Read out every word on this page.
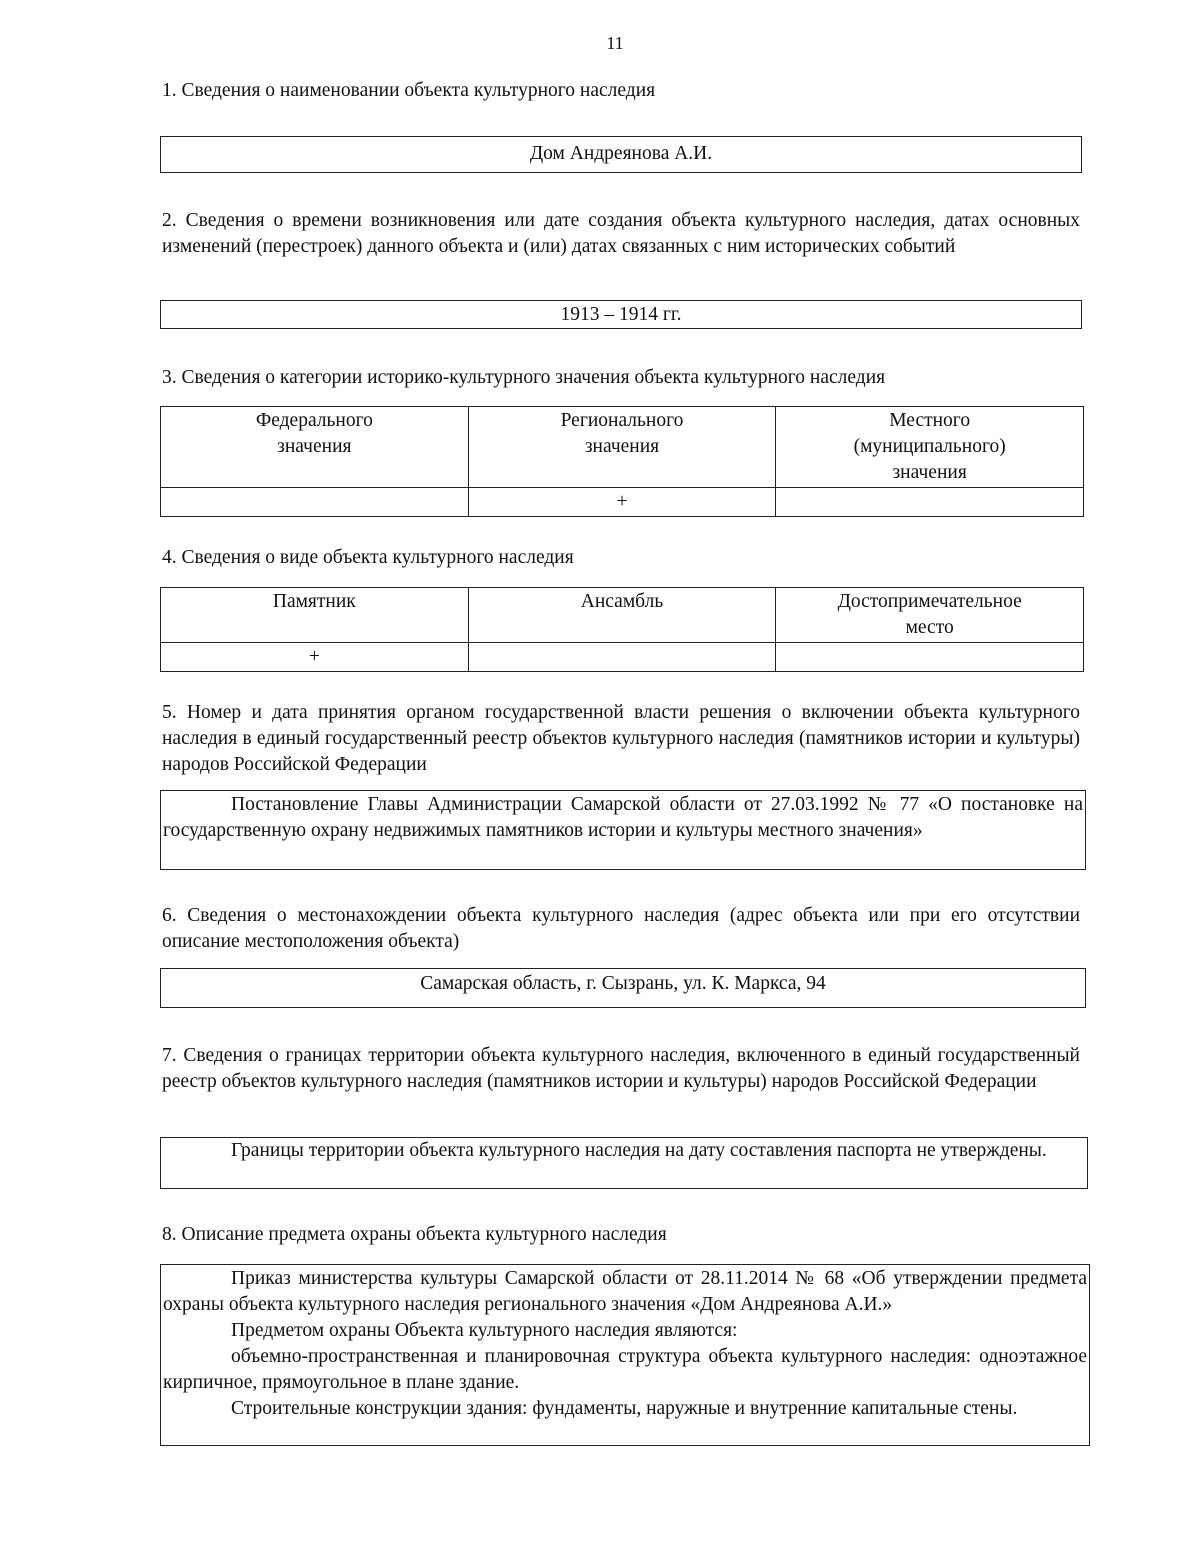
11
1. Сведения о наименовании объекта культурного наследия
Дом Андреянова А.И.
2. Сведения о времени возникновения или дате создания объекта культурного наследия, датах основных изменений (перестроек) данного объекта и (или) датах связанных с ним исторических событий
1913 – 1914 гг.
3. Сведения о категории историко-культурного значения объекта культурного наследия
Федерального значения	Регионального значения	Местного (муниципального) значения
	+	
4. Сведения о виде объекта культурного наследия
Памятник	Ансамбль	Достопримечательное место
+		
5. Номер и дата принятия органом государственной власти решения о включении объекта культурного наследия в единый государственный реестр объектов культурного наследия (памятников истории и культуры) народов Российской Федерации
Постановление Главы Администрации Самарской области от 27.03.1992 № 77 «О постановке на государственную охрану недвижимых памятников истории и культуры местного значения»
6. Сведения о местонахождении объекта культурного наследия (адрес объекта или при его отсутствии описание местоположения объекта)
Самарская область, г. Сызрань, ул. К. Маркса, 94
7. Сведения о границах территории объекта культурного наследия, включенного в единый государственный реестр объектов культурного наследия (памятников истории и культуры) народов Российской Федерации
Границы территории объекта культурного наследия на дату составления паспорта не утверждены.
8. Описание предмета охраны объекта культурного наследия
Приказ министерства культуры Самарской области от 28.11.2014 № 68 «Об утверждении предмета охраны объекта культурного наследия регионального значения «Дом Андреянова А.И.»
Предметом охраны Объекта культурного наследия являются:
объемно-пространственная и планировочная структура объекта культурного наследия: одноэтажное кирпичное, прямоугольное в плане здание.
Строительные конструкции здания: фундаменты, наружные и внутренние капитальные стены.
